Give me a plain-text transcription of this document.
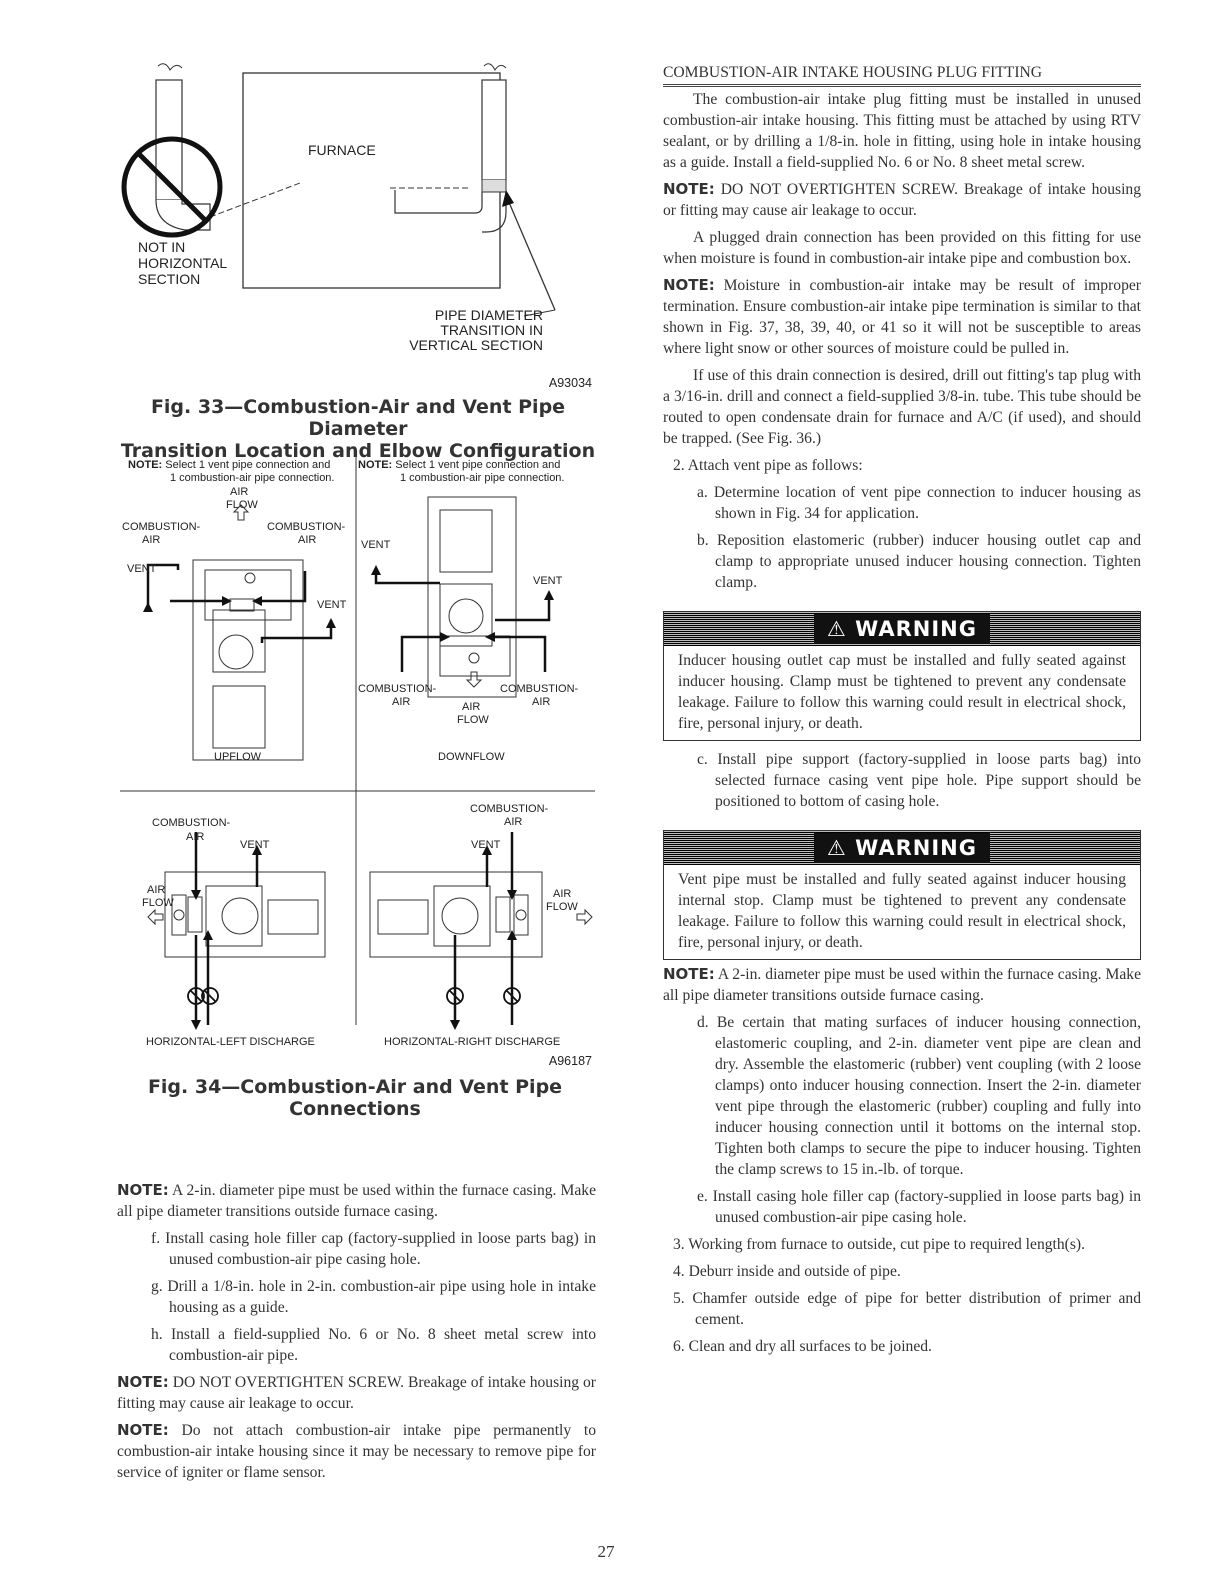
FURNACE
NOT IN
HORIZONTAL
SECTION
PIPE DIAMETER
TRANSITION IN
VERTICAL SECTION
A93034
Fig. 33—Combustion-Air and Vent Pipe Diameter
Transition Location and Elbow Configuration
NOTE: Select 1 vent pipe connection and
1 combustion-air pipe connection.
NOTE: Select 1 vent pipe connection and
1 combustion-air pipe connection.
AIR
FLOW
COMBUSTION-
AIR
COMBUSTION-
AIR
VENT
VENT
UPFLOW
VENT
VENT
COMBUSTION-
AIR
COMBUSTION-
AIR
AIR
FLOW
DOWNFLOW
COMBUSTION-
AIR
VENT
AIR
FLOW
HORIZONTAL-LEFT DISCHARGE
COMBUSTION-
AIR
VENT
AIR
FLOW
HORIZONTAL-RIGHT DISCHARGE
A96187
Fig. 34—Combustion-Air and Vent Pipe
Connections

NOTE: A 2-in. diameter pipe must be used within the furnace casing. Make all pipe diameter transitions outside furnace casing.

f. Install casing hole filler cap (factory-supplied in loose parts bag) in unused combustion-air pipe casing hole.

g. Drill a 1/8-in. hole in 2-in. combustion-air pipe using hole in intake housing as a guide.

h. Install a field-supplied No. 6 or No. 8 sheet metal screw into combustion-air pipe.

NOTE: DO NOT OVERTIGHTEN SCREW. Breakage of intake housing or fitting may cause air leakage to occur.

NOTE: Do not attach combustion-air intake pipe permanently to combustion-air intake housing since it may be necessary to remove pipe for service of igniter or flame sensor.

COMBUSTION-AIR INTAKE HOUSING PLUG FITTING

The combustion-air intake plug fitting must be installed in unused combustion-air intake housing. This fitting must be attached by using RTV sealant, or by drilling a 1/8-in. hole in fitting, using hole in intake housing as a guide. Install a field-supplied No. 6 or No. 8 sheet metal screw.

NOTE: DO NOT OVERTIGHTEN SCREW. Breakage of intake housing or fitting may cause air leakage to occur.

A plugged drain connection has been provided on this fitting for use when moisture is found in combustion-air intake pipe and combustion box.

NOTE: Moisture in combustion-air intake may be result of improper termination. Ensure combustion-air intake pipe termination is similar to that shown in Fig. 37, 38, 39, 40, or 41 so it will not be susceptible to areas where light snow or other sources of moisture could be pulled in.

If use of this drain connection is desired, drill out fitting's tap plug with a 3/16-in. drill and connect a field-supplied 3/8-in. tube. This tube should be routed to open condensate drain for furnace and A/C (if used), and should be trapped. (See Fig. 36.)

2. Attach vent pipe as follows:

a. Determine location of vent pipe connection to inducer housing as shown in Fig. 34 for application.

b. Reposition elastomeric (rubber) inducer housing outlet cap and clamp to appropriate unused inducer housing connection. Tighten clamp.

⚠ WARNING
Inducer housing outlet cap must be installed and fully seated against inducer housing. Clamp must be tightened to prevent any condensate leakage. Failure to follow this warning could result in electrical shock, fire, personal injury, or death.

c. Install pipe support (factory-supplied in loose parts bag) into selected furnace casing vent pipe hole. Pipe support should be positioned to bottom of casing hole.

⚠ WARNING
Vent pipe must be installed and fully seated against inducer housing internal stop. Clamp must be tightened to prevent any condensate leakage. Failure to follow this warning could result in electrical shock, fire, personal injury, or death.

NOTE: A 2-in. diameter pipe must be used within the furnace casing. Make all pipe diameter transitions outside furnace casing.

d. Be certain that mating surfaces of inducer housing connection, elastomeric coupling, and 2-in. diameter vent pipe are clean and dry. Assemble the elastomeric (rubber) vent coupling (with 2 loose clamps) onto inducer housing connection. Insert the 2-in. diameter vent pipe through the elastomeric (rubber) coupling and fully into inducer housing connection until it bottoms on the internal stop. Tighten both clamps to secure the pipe to inducer housing. Tighten the clamp screws to 15 in.-lb. of torque.

e. Install casing hole filler cap (factory-supplied in loose parts bag) in unused combustion-air pipe casing hole.

3. Working from furnace to outside, cut pipe to required length(s).

4. Deburr inside and outside of pipe.

5. Chamfer outside edge of pipe for better distribution of primer and cement.

6. Clean and dry all surfaces to be joined.

27
